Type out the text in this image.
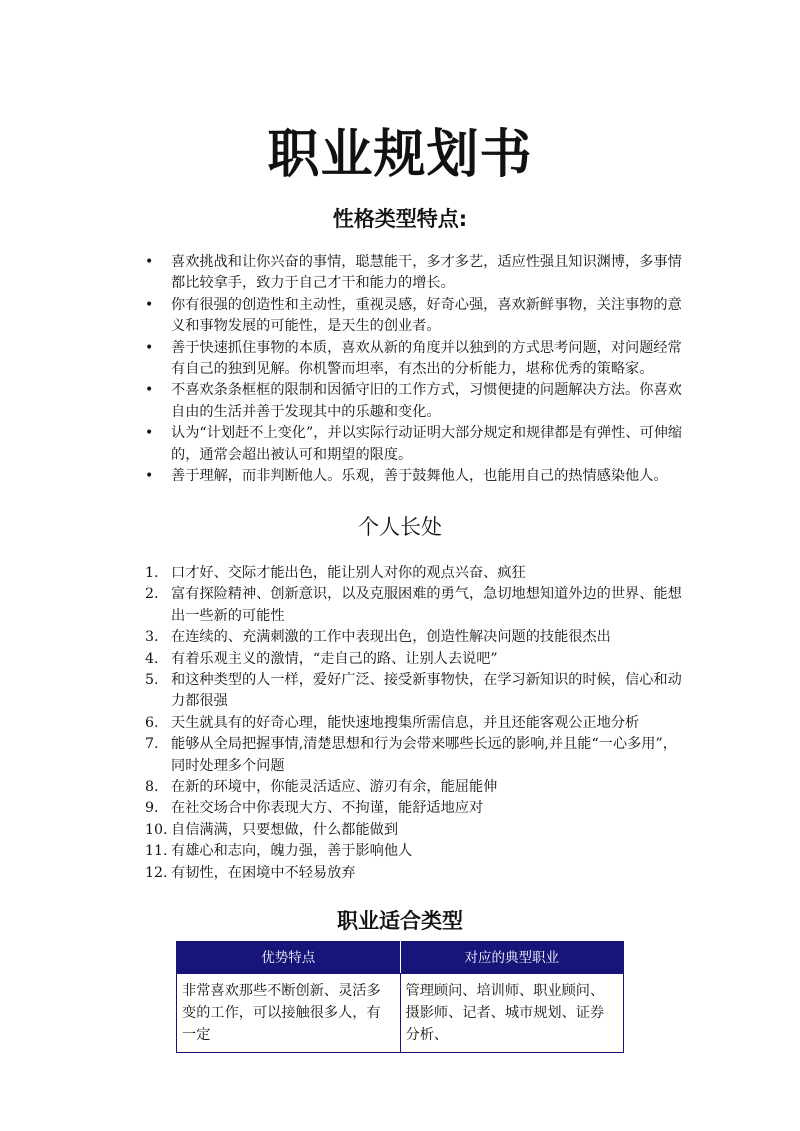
职业规划书
性格类型特点:
• 喜欢挑战和让你兴奋的事情，聪慧能干，多才多艺，适应性强且知识渊博，多事情都比较拿手，致力于自己才干和能力的增长。
• 你有很强的创造性和主动性，重视灵感，好奇心强，喜欢新鲜事物，关注事物的意义和事物发展的可能性，是天生的创业者。
• 善于快速抓住事物的本质，喜欢从新的角度并以独到的方式思考问题，对问题经常有自己的独到见解。你机警而坦率，有杰出的分析能力，堪称优秀的策略家。
• 不喜欢条条框框的限制和因循守旧的工作方式，习惯便捷的问题解决方法。你喜欢自由的生活并善于发现其中的乐趣和变化。
• 认为“计划赶不上变化”，并以实际行动证明大部分规定和规律都是有弹性、可伸缩的，通常会超出被认可和期望的限度。
• 善于理解，而非判断他人。乐观，善于鼓舞他人，也能用自己的热情感染他人。
个人长处
1. 口才好、交际才能出色，能让别人对你的观点兴奋、疯狂
2. 富有探险精神、创新意识，以及克服困难的勇气，急切地想知道外边的世界、能想出一些新的可能性
3. 在连续的、充满刺激的工作中表现出色，创造性解决问题的技能很杰出
4. 有着乐观主义的激情，“走自己的路、让别人去说吧”
5. 和这种类型的人一样，爱好广泛、接受新事物快，在学习新知识的时候，信心和动力都很强
6. 天生就具有的好奇心理，能快速地搜集所需信息，并且还能客观公正地分析
7. 能够从全局把握事情,清楚思想和行为会带来哪些长远的影响,并且能“一心多用”，同时处理多个问题
8. 在新的环境中，你能灵活适应、游刃有余，能屈能伸
9. 在社交场合中你表现大方、不拘谨，能舒适地应对
10. 自信满满，只要想做，什么都能做到
11. 有雄心和志向，魄力强，善于影响他人
12. 有韧性，在困境中不轻易放弃
职业适合类型
优势特点	对应的典型职业
非常喜欢那些不断创新、灵活多变的工作，可以接触很多人，有一定	管理顾问、培训师、职业顾问、摄影师、记者、城市规划、证券分析、
